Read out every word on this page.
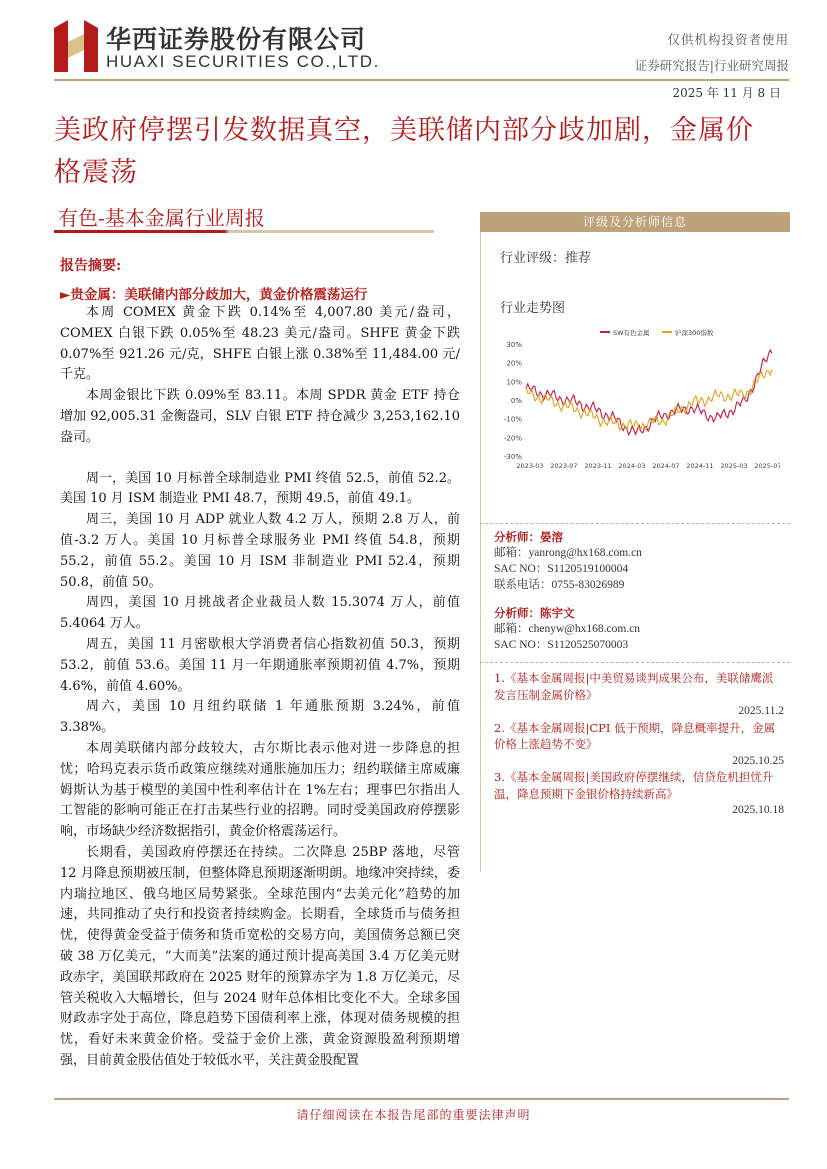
华西证券股份有限公司
HUAXI SECURITIES CO.,LTD.
仅供机构投资者使用
证券研究报告|行业研究周报
2025 年 11 月 8 日
美政府停摆引发数据真空，美联储内部分歧加剧，金属价格震荡
有色-基本金属行业周报
报告摘要:
►贵金属：美联储内部分歧加大，黄金价格震荡运行

本周 COMEX 黄金下跌 0.14%至 4,007.80 美元/盎司，COMEX 白银下跌 0.05%至 48.23 美元/盎司。SHFE 黄金下跌 0.07%至 921.26 元/克，SHFE 白银上涨 0.38%至 11,484.00 元/千克。

本周金银比下跌 0.09%至 83.11。本周 SPDR 黄金 ETF 持仓增加 92,005.31 金衡盎司，SLV 白银 ETF 持仓减少 3,253,162.10 盎司。

周一，美国 10 月标普全球制造业 PMI 终值 52.5，前值 52.2。美国 10 月 ISM 制造业 PMI 48.7，预期 49.5，前值 49.1。

周三，美国 10 月 ADP 就业人数 4.2 万人，预期 2.8 万人，前值-3.2 万人。美国 10 月标普全球服务业 PMI 终值 54.8，预期 55.2，前值 55.2。美国 10 月 ISM 非制造业 PMI 52.4，预期 50.8，前值 50。

周四，美国 10 月挑战者企业裁员人数 15.3074 万人，前值 5.4064 万人。

周五，美国 11 月密歇根大学消费者信心指数初值 50.3，预期 53.2，前值 53.6。美国 11 月一年期通胀率预期初值 4.7%，预期 4.6%，前值 4.60%。

周六，美国 10 月纽约联储 1 年通胀预期 3.24%，前值 3.38%。

本周美联储内部分歧较大，古尔斯比表示他对进一步降息的担忧；哈玛克表示货币政策应继续对通胀施加压力；纽约联储主席威廉姆斯认为基于模型的美国中性利率估计在 1%左右；理事巴尔指出人工智能的影响可能正在打击某些行业的招聘。同时受美国政府停摆影响，市场缺少经济数据指引，黄金价格震荡运行。

长期看，美国政府停摆还在持续。二次降息 25BP 落地，尽管 12 月降息预期被压制，但整体降息预期逐渐明朗。地缘冲突持续，委内瑞拉地区、俄乌地区局势紧张。全球范围内“去美元化”趋势的加速，共同推动了央行和投资者持续购金。长期看，全球货币与债务担忧，使得黄金受益于债务和货币宽松的交易方向，美国债务总额已突破 38 万亿美元，“大而美”法案的通过预计提高美国 3.4 万亿美元财政赤字，美国联邦政府在 2025 财年的预算赤字为 1.8 万亿美元，尽管关税收入大幅增长，但与 2024 财年总体相比变化不大。全球多国财政赤字处于高位，降息趋势下国债利率上涨，体现对债务规模的担忧，看好未来黄金价格。受益于金价上涨，黄金资源股盈利预期增强，目前黄金股估值处于较低水平，关注黄金股配置

评级及分析师信息
行业评级：推荐
行业走势图
30%
20%
10%
0%
-10%
-20%
-30%
2023-03 2023-07 2023-11 2024-03 2024-07 2024-11 2025-03 2025-07
SW有色金属	沪深300指数
分析师：晏溶
邮箱：yanrong@hx168.com.cn
SAC NO：S1120519100004
联系电话：0755-83026989
分析师：陈宇文
邮箱：chenyw@hx168.com.cn
SAC NO：S1120525070003
1.《基本金属周报|中美贸易谈判成果公布，美联储鹰派发言压制金属价格》
2025.11.2
2.《基本金属周报|CPI 低于预期，降息概率提升，金属价格上涨趋势不变》
2025.10.25
3.《基本金属周报|美国政府停摆继续，信贷危机担忧升温，降息预期下金银价格持续新高》
2025.10.18
请仔细阅读在本报告尾部的重要法律声明
